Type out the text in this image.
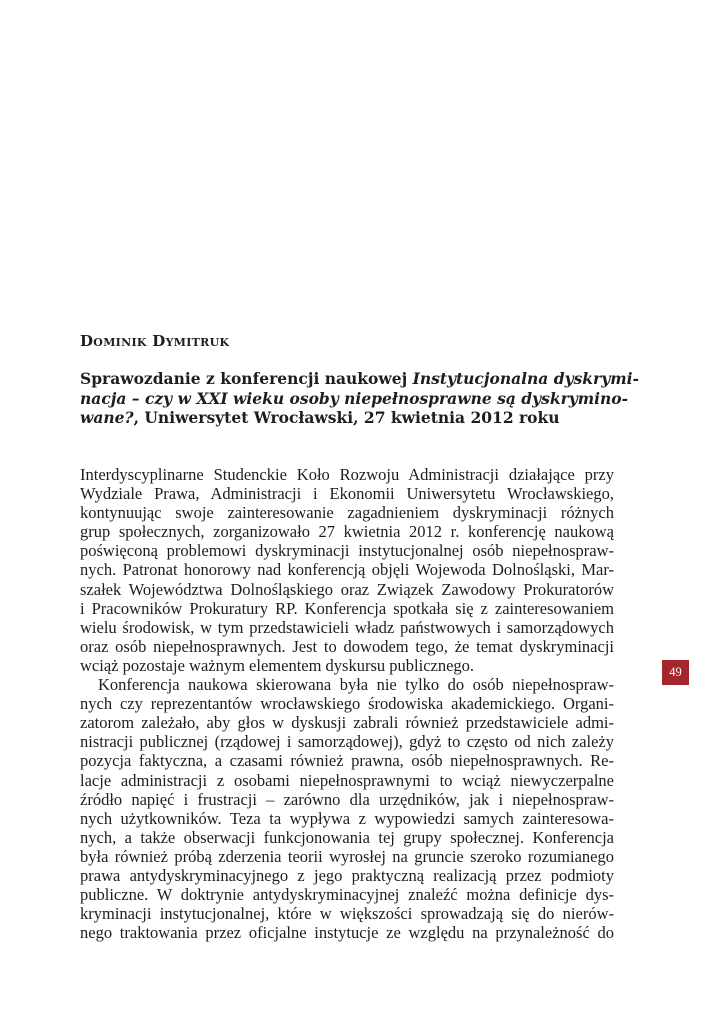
Dominik Dymitruk
Sprawozdanie z konferencji naukowej Instytucjonalna dyskrymi-
nacja – czy w XXI wieku osoby niepełnosprawne są dyskrymino-
wane?, Uniwersytet Wrocławski, 27 kwietnia 2012 roku
Interdyscyplinarne Studenckie Koło Rozwoju Administracji działające przy
Wydziale Prawa, Administracji i Ekonomii Uniwersytetu Wrocławskiego,
kontynuując swoje zainteresowanie zagadnieniem dyskryminacji różnych
grup społecznych, zorganizowało 27 kwietnia 2012 r. konferencję naukową
poświęconą problemowi dyskryminacji instytucjonalnej osób niepełnospraw-
nych. Patronat honorowy nad konferencją objęli Wojewoda Dolnośląski, Mar-
szałek Województwa Dolnośląskiego oraz Związek Zawodowy Prokuratorów
i Pracowników Prokuratury RP. Konferencja spotkała się z zainteresowaniem
wielu środowisk, w tym przedstawicieli władz państwowych i samorządowych
oraz osób niepełnosprawnych. Jest to dowodem tego, że temat dyskryminacji
wciąż pozostaje ważnym elementem dyskursu publicznego.
Konferencja naukowa skierowana była nie tylko do osób niepełnospraw-
nych czy reprezentantów wrocławskiego środowiska akademickiego. Organi-
zatorom zależało, aby głos w dyskusji zabrali również przedstawiciele admi-
nistracji publicznej (rządowej i samorządowej), gdyż to często od nich zależy
pozycja faktyczna, a czasami również prawna, osób niepełnosprawnych. Re-
lacje administracji z osobami niepełnosprawnymi to wciąż niewyczerpalne
źródło napięć i frustracji – zarówno dla urzędników, jak i niepełnospraw-
nych użytkowników. Teza ta wypływa z wypowiedzi samych zainteresowa-
nych, a także obserwacji funkcjonowania tej grupy społecznej. Konferencja
była również próbą zderzenia teorii wyrosłej na gruncie szeroko rozumianego
prawa antydyskryminacyjnego z jego praktyczną realizacją przez podmioty
publiczne. W doktrynie antydyskryminacyjnej znaleźć można definicje dys-
kryminacji instytucjonalnej, które w większości sprowadzają się do nierów-
nego traktowania przez oficjalne instytucje ze względu na przynależność do
49
